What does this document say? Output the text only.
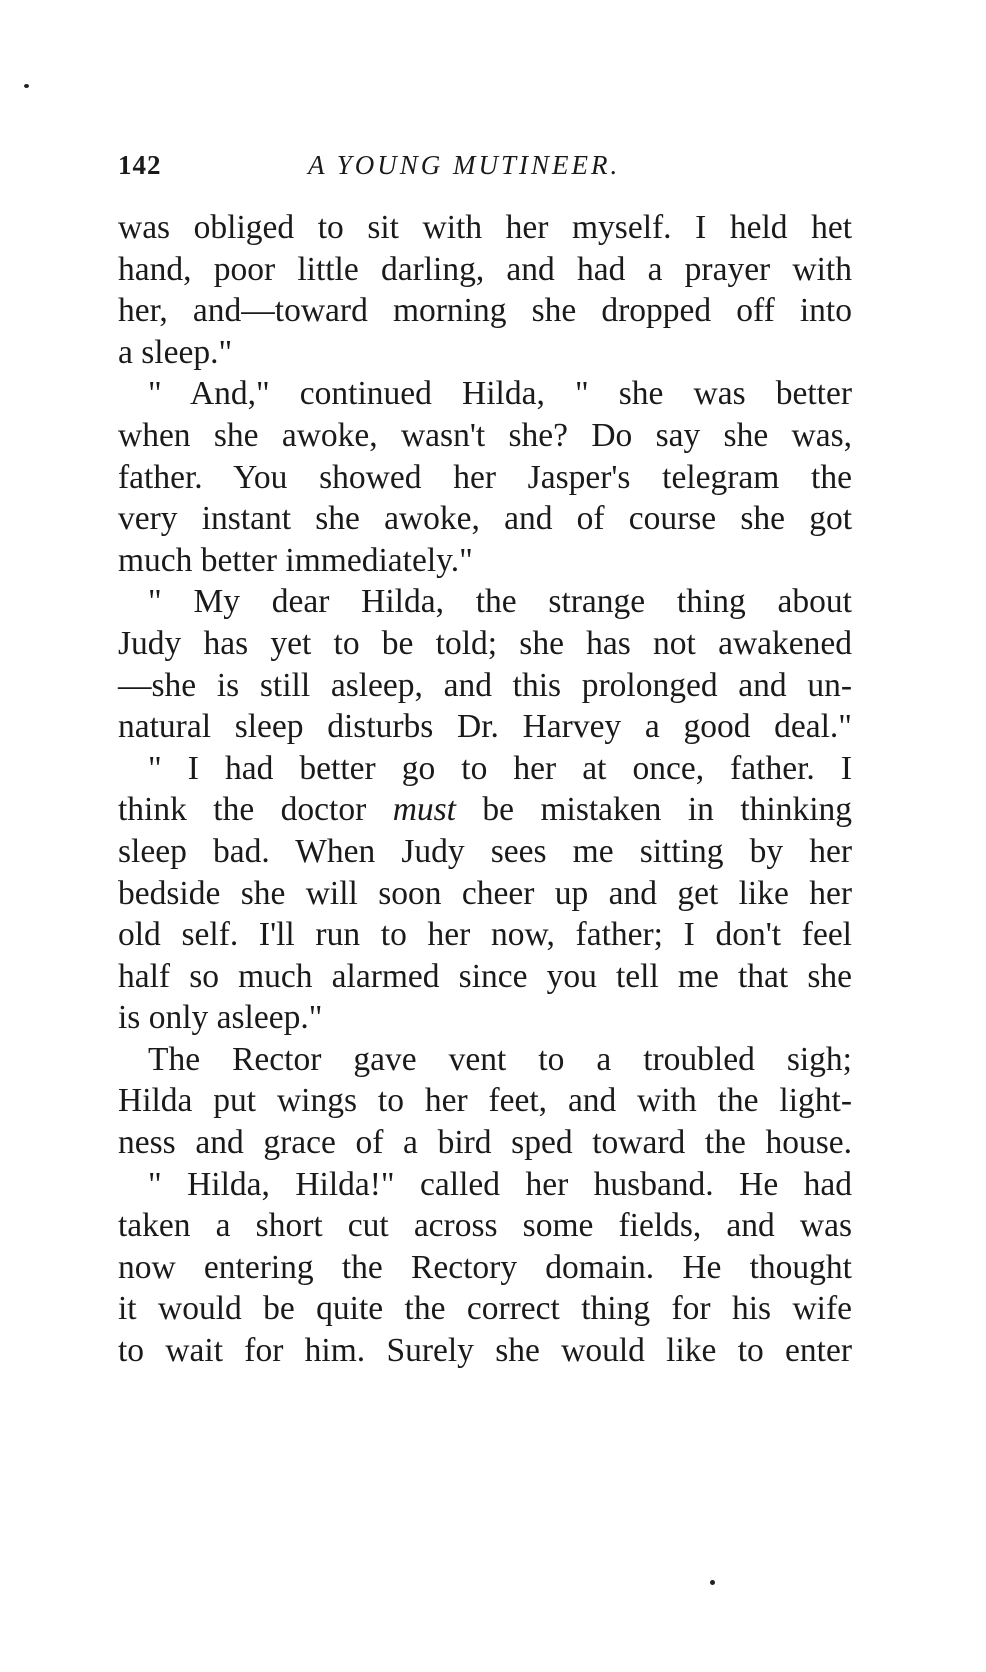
142	A YOUNG MUTINEER.
was obliged to sit with her myself. I held het
hand, poor little darling, and had a prayer with
her, and—toward morning she dropped off into
a sleep."
" And," continued Hilda, " she was better
when she awoke, wasn't she? Do say she was,
father. You showed her Jasper's telegram the
very instant she awoke, and of course she got
much better immediately."
" My dear Hilda, the strange thing about
Judy has yet to be told; she has not awakened
—she is still asleep, and this prolonged and un-
natural sleep disturbs Dr. Harvey a good deal."
" I had better go to her at once, father. I
think the doctor must be mistaken in thinking
sleep bad. When Judy sees me sitting by her
bedside she will soon cheer up and get like her
old self. I'll run to her now, father; I don't feel
half so much alarmed since you tell me that she
is only asleep."
The Rector gave vent to a troubled sigh;
Hilda put wings to her feet, and with the light-
ness and grace of a bird sped toward the house.
" Hilda, Hilda!" called her husband. He had
taken a short cut across some fields, and was
now entering the Rectory domain. He thought
it would be quite the correct thing for his wife
to wait for him. Surely she would like to enter
